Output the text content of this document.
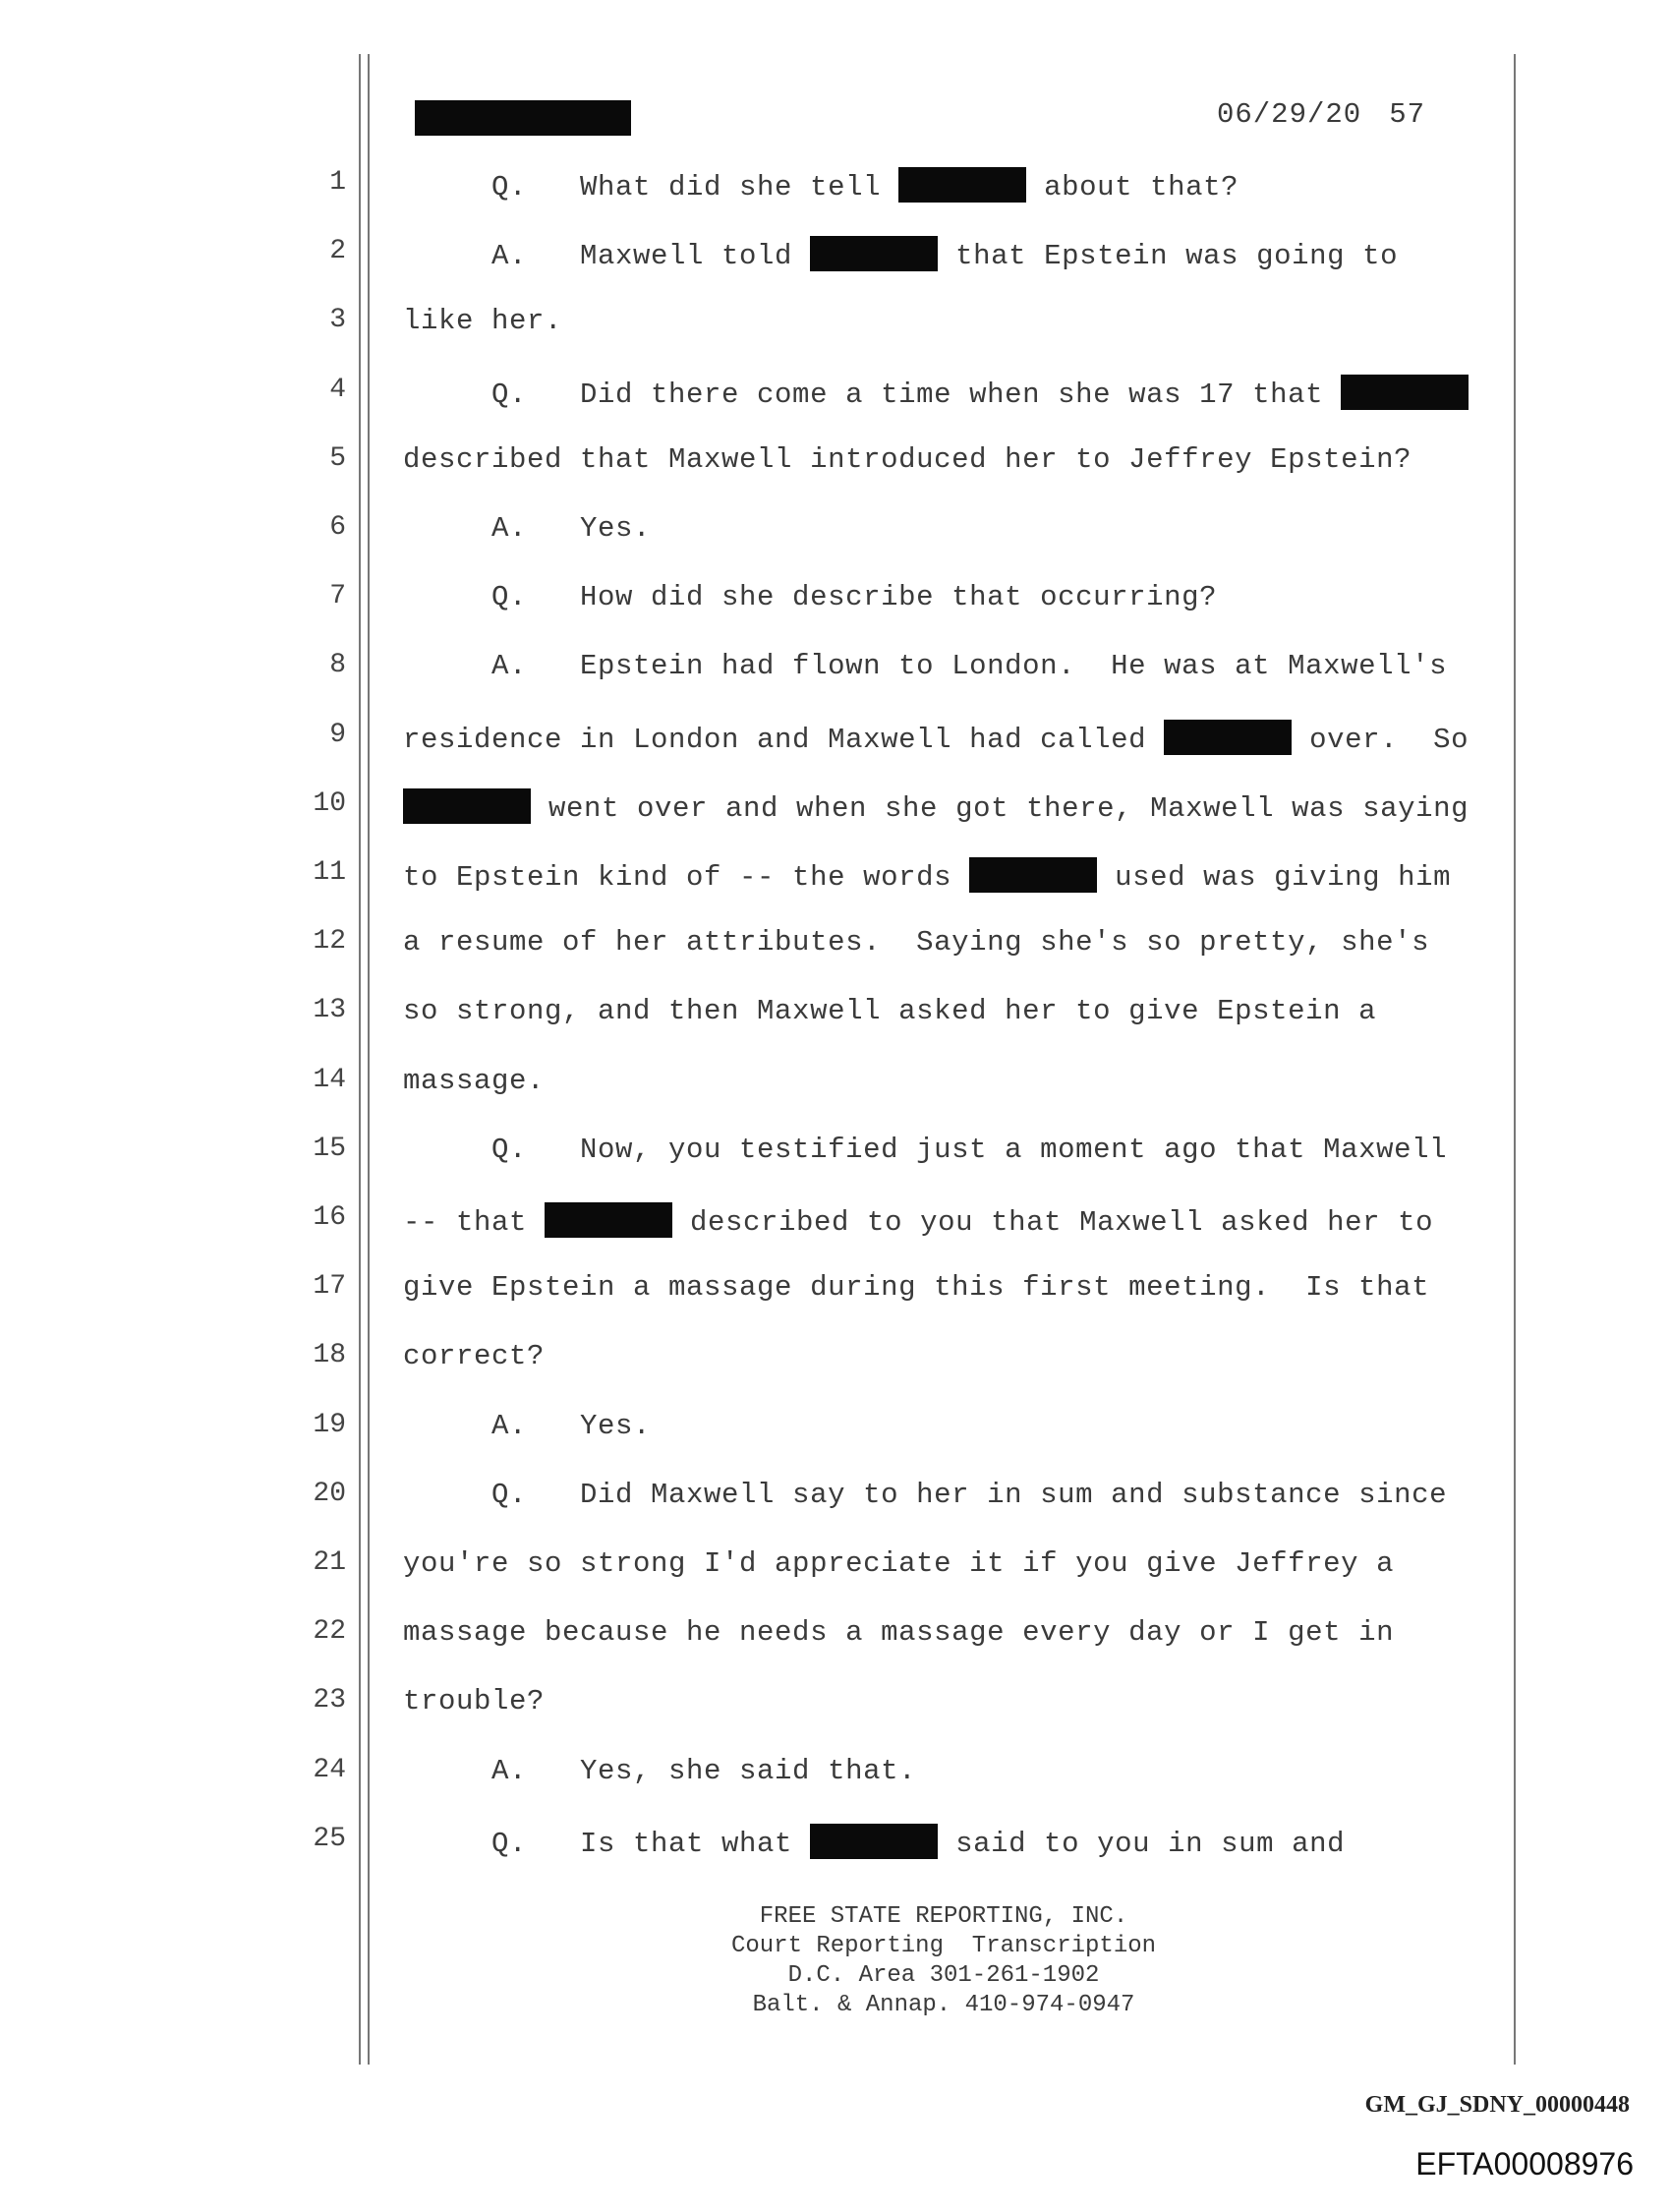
06/29/20 57
1 Q.   What did she tell	about that?
2 A.   Maxwell told	that Epstein was going to
3 like her.
4 Q.   Did there come a time when she was 17 that
5 described that Maxwell introduced her to Jeffrey Epstein?
6 A.   Yes.
7 Q.   How did she describe that occurring?
8 A.   Epstein had flown to London.  He was at Maxwell's
9 residence in London and Maxwell had called	over.  So
10	went over and when she got there, Maxwell was saying
11 to Epstein kind of -- the words	used was giving him
12 a resume of her attributes.  Saying she's so pretty, she's
13 so strong, and then Maxwell asked her to give Epstein a
14 massage.
15 Q.   Now, you testified just a moment ago that Maxwell
16 -- that	described to you that Maxwell asked her to
17 give Epstein a massage during this first meeting.  Is that
18 correct?
19 A.   Yes.
20 Q.   Did Maxwell say to her in sum and substance since
21 you're so strong I'd appreciate it if you give Jeffrey a
22 massage because he needs a massage every day or I get in
23 trouble?
24 A.   Yes, she said that.
25 Q.   Is that what	said to you in sum and
FREE STATE REPORTING, INC.
Court Reporting  Transcription
D.C. Area 301-261-1902
Balt. & Annap. 410-974-0947
GM_GJ_SDNY_00000448
EFTA00008976
